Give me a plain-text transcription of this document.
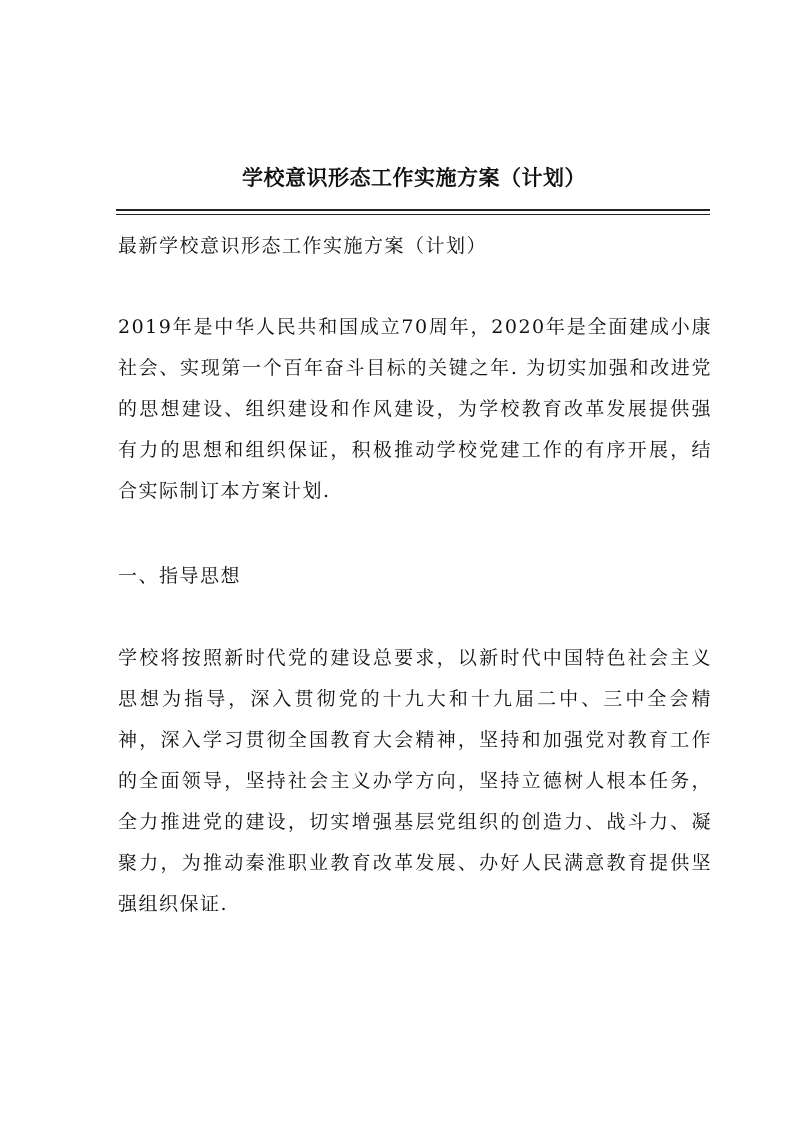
学校意识形态工作实施方案（计划）

最新学校意识形态工作实施方案（计划）

2019年是中华人民共和国成立70周年，2020年是全面建成小康社会、实现第一个百年奋斗目标的关键之年. 为切实加强和改进党的思想建设、组织建设和作风建设，为学校教育改革发展提供强有力的思想和组织保证，积极推动学校党建工作的有序开展，结合实际制订本方案计划.

一、指导思想

学校将按照新时代党的建设总要求，以新时代中国特色社会主义思想为指导，深入贯彻党的十九大和十九届二中、三中全会精神，深入学习贯彻全国教育大会精神，坚持和加强党对教育工作的全面领导，坚持社会主义办学方向，坚持立德树人根本任务，全力推进党的建设，切实增强基层党组织的创造力、战斗力、凝聚力，为推动秦淮职业教育改革发展、办好人民满意教育提供坚强组织保证.
